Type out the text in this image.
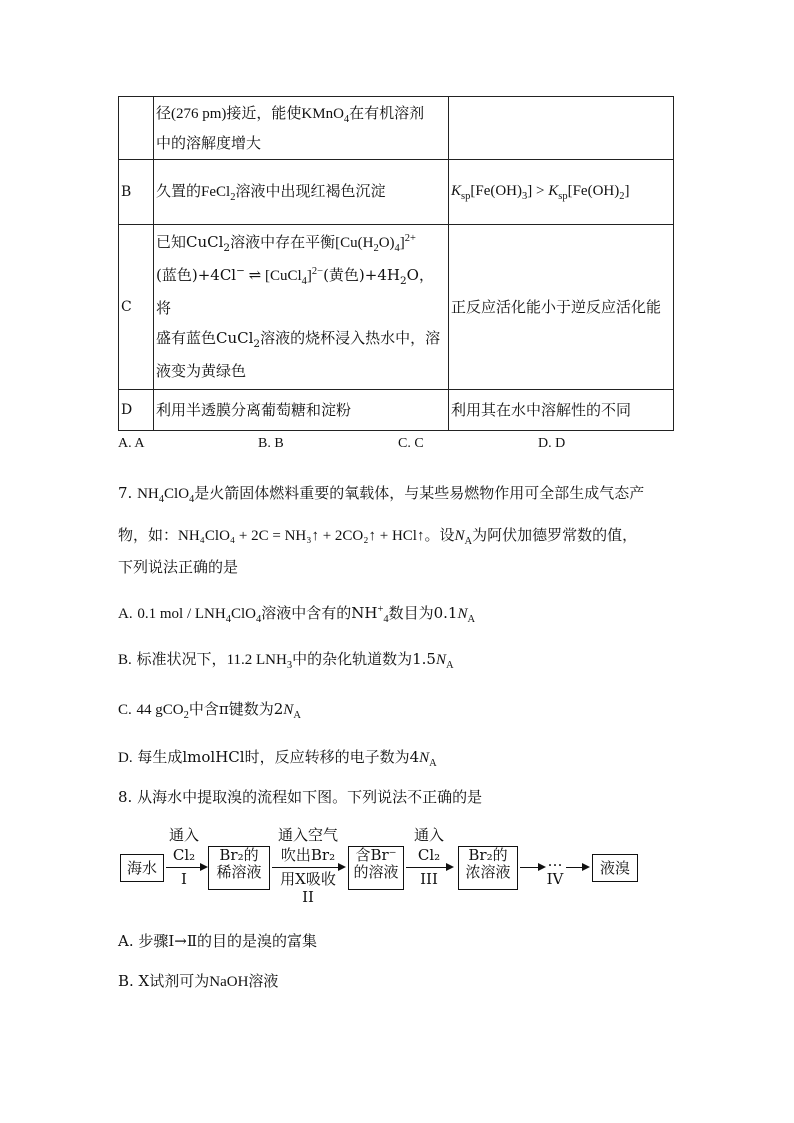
	径(276 pm)接近，能使KMnO$_4$在有机溶剂
中的溶解度增大	
B	久置的FeCl$_2$溶液中出现红褐色沉淀	$K_{sp}[Fe(OH)_3] > K_{sp}[Fe(OH)_2]$
C	已知CuCl$_2$溶液中存在平衡$[Cu(H_2O)_4]^{2+}$
(蓝色)+4Cl− ⇌ [CuCl$_4$]$^{2-}$(黄色)$+4H_2O$，将
盛有蓝色CuCl$_2$溶液的烧杯浸入热水中，溶
液变为黄绿色	正反应活化能小于逆反应活化能
D	利用半透膜分离葡萄糖和淀粉	利用其在水中溶解性的不同
A. A	B. B	C. C	D. D
7. $NH_4ClO_4$是火箭固体燃料重要的氧载体，与某些易燃物作用可全部生成气态产
物，如：NH₄ClO₄ + 2C = NH₃↑ + 2CO₂↑ + HCl↑。设$N_A$为阿伏加德罗常数的值，
下列说法正确的是
A. 0.1 mol / $LNH_4ClO_4$溶液中含有的$NH^+_4$数目为$0.1N_A$
B. 标准状况下，11.2 $LNH_3$中的杂化轨道数为$1.5N_A$
C. 44 gCO$_2$中含π键数为$2N_A$
D. 每生成lmolHCl时，反应转移的电子数为$4N_A$
8. 从海水中提取溴的流程如下图。下列说法不正确的是
海水
通入
Cl₂
I
Br₂的
稀溶液
通入空气
吹出Br₂
用X吸收
II
含Br⁻
的溶液
通入
Cl₂
III
Br₂的
浓溶液
…
IV
液溴
A. 步骤Ⅰ→Ⅱ的目的是溴的富集
B. X试剂可为NaOH溶液
